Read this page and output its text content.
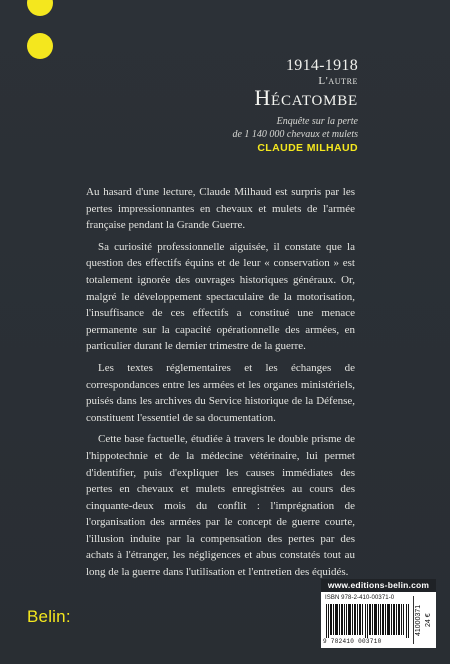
1914-1918
L'autre
Hécatombe
Enquête sur la perte
de 1 140 000 chevaux et mulets
CLAUDE MILHAUD

Au hasard d'une lecture, Claude Milhaud est surpris par les pertes impressionnantes en chevaux et mulets de l'armée française pendant la Grande Guerre.

Sa curiosité professionnelle aiguisée, il constate que la question des effectifs équins et de leur « conservation » est totalement ignorée des ouvrages historiques généraux. Or, malgré le développement spectaculaire de la motorisation, l'insuffisance de ces effectifs a constitué une menace permanente sur la capacité opérationnelle des armées, en particulier durant le dernier trimestre de la guerre.

Les textes réglementaires et les échanges de correspondances entre les armées et les organes ministériels, puisés dans les archives du Service historique de la Défense, constituent l'essentiel de sa documentation.

Cette base factuelle, étudiée à travers le double prisme de l'hippotechnie et de la médecine vétérinaire, lui permet d'identifier, puis d'expliquer les causes immédiates des pertes en chevaux et mulets enregistrées au cours des cinquante-deux mois du conflit : l'imprégnation de l'organisation des armées par le concept de guerre courte, l'illusion induite par la compensation des pertes par des achats à l'étranger, les négligences et abus constatés tout au long de la guerre dans l'utilisation et l'entretien des équidés.

www.editions-belin.com
ISBN 978-2-410-00371-0
9 782410 003710
41000371 24 €
Belin:
